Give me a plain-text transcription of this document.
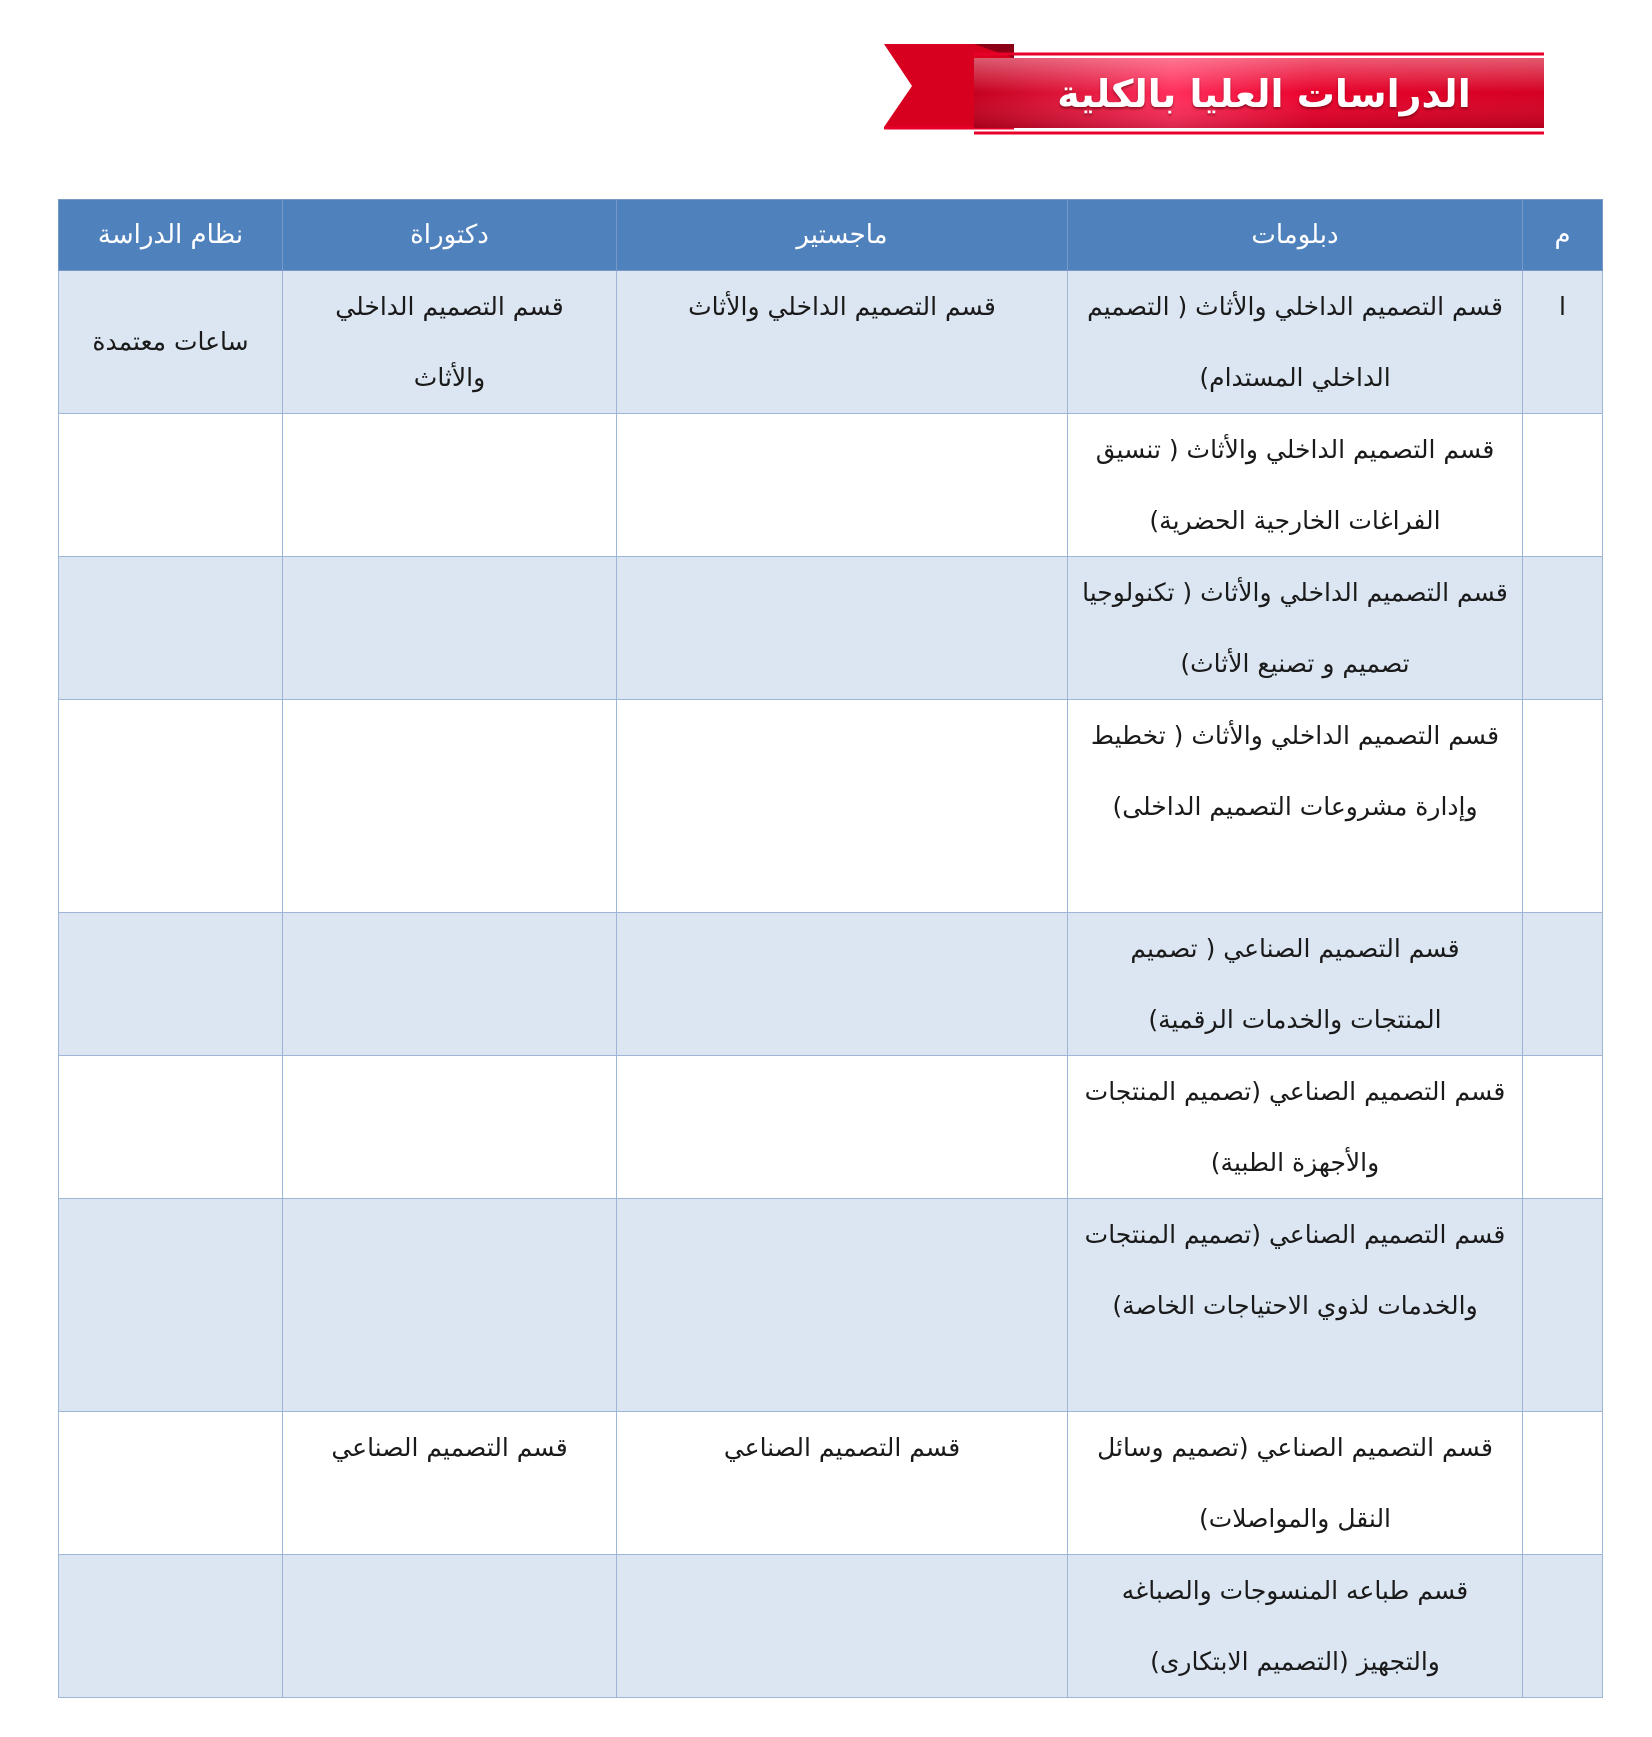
الدراسات العليا بالكلية
م	دبلومات	ماجستير	دكتوراة	نظام الدراسة

ا	قسم التصميم الداخلي والأثاث ( التصميم الداخلي المستدام)	قسم التصميم الداخلي والأثاث	قسم التصميم الداخلي والأثاث	ساعات معتمدة

	قسم التصميم الداخلي والأثاث ( تنسيق الفراغات الخارجية الحضرية)			

	قسم التصميم الداخلي والأثاث ( تكنولوجيا تصميم و تصنيع الأثاث)			

	قسم التصميم الداخلي والأثاث ( تخطيط وإدارة مشروعات التصميم الداخلى)			

	قسم التصميم الصناعي ( تصميم المنتجات والخدمات الرقمية)			

	قسم التصميم الصناعي (تصميم المنتجات والأجهزة الطبية)			

	قسم التصميم الصناعي (تصميم المنتجات والخدمات لذوي الاحتياجات الخاصة)			

	قسم التصميم الصناعي (تصميم وسائل النقل والمواصلات)	قسم التصميم الصناعي	قسم التصميم الصناعي	

	قسم طباعه المنسوجات والصباغه والتجهيز (التصميم الابتكارى)			
